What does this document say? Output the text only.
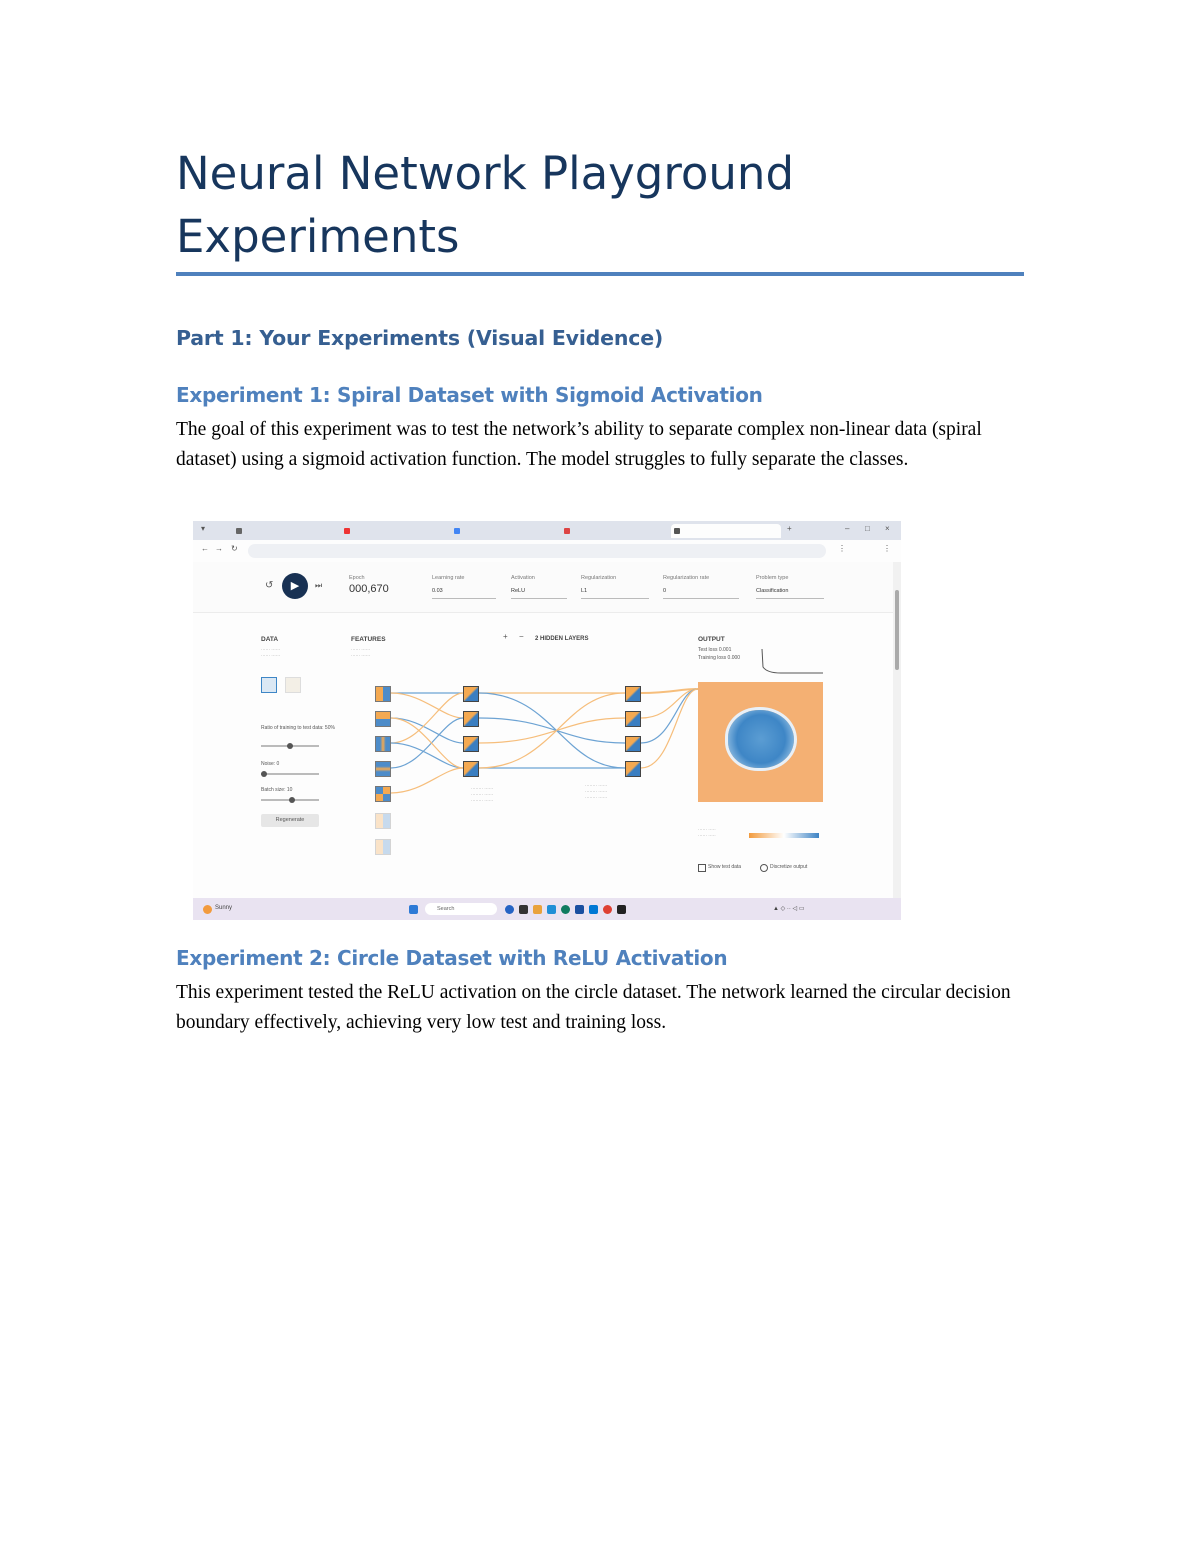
Neural Network Playground Experiments
Part 1: Your Experiments (Visual Evidence)
Experiment 1: Spiral Dataset with Sigmoid Activation

The goal of this experiment was to test the network’s ability to separate complex non-linear data (spiral dataset) using a sigmoid activation function. The model struggles to fully separate the classes.

▾	+	– □ ×
← → ↻	⋮	⋮
↺	▶	⏭
Epoch
000,670
Learning rate
0.03
Activation
ReLU
Regularization
L1
Regularization rate
0
Problem type
Classification
DATA
······ ······
······ ······
Ratio of training to test data: 50%
Noise: 0
Batch size: 10
Regenerate
FEATURES
······ ······
······ ······
+ − 2 HIDDEN LAYERS
········ ······
········ ······
········ ······
········ ······
········ ······
········ ······
OUTPUT
Test loss 0.001
Training loss 0.000
······ ·····
······ ·····
Show test data	Discretize output
Sunny	Search	▲ ◇ ·· ◁ ▭
Experiment 2: Circle Dataset with ReLU Activation

This experiment tested the ReLU activation on the circle dataset. The network learned the circular decision boundary effectively, achieving very low test and training loss.
